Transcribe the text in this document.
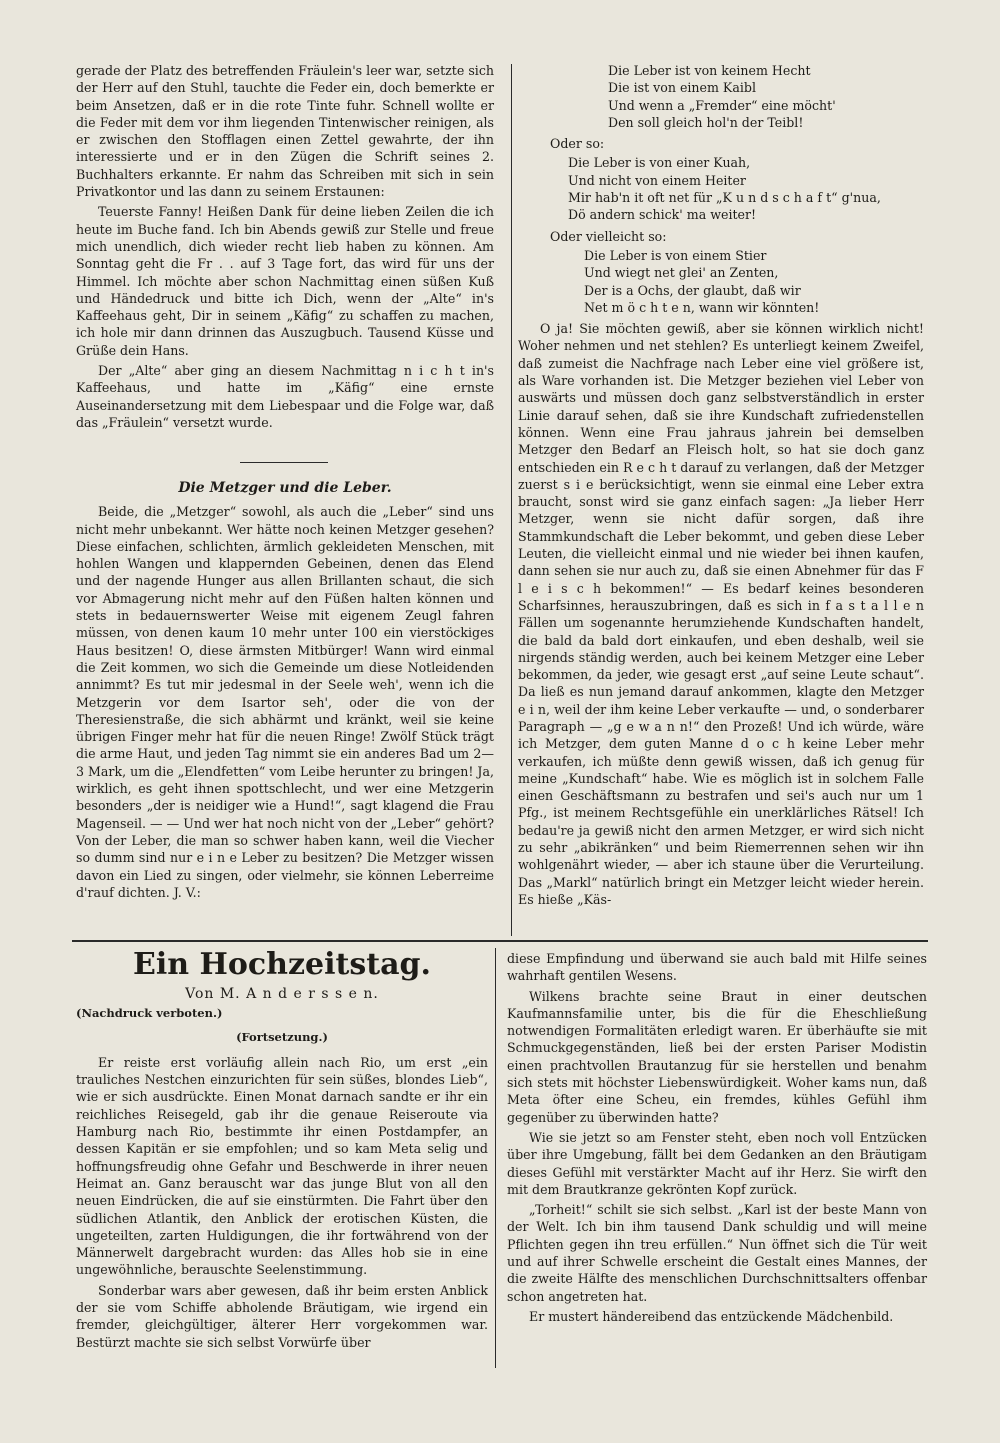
gerade der Platz des betreffenden Fräulein's leer war, setzte sich der Herr auf den Stuhl, tauchte die Feder ein, doch bemerkte er beim Ansetzen, daß er in die rote Tinte fuhr. Schnell wollte er die Feder mit dem vor ihm liegenden Tintenwischer reinigen, als er zwischen den Stofflagen einen Zettel gewahrte, der ihn interessierte und er in den Zügen die Schrift seines 2. Buchhalters erkannte. Er nahm das Schreiben mit sich in sein Privatkontor und las dann zu seinem Erstaunen:

Teuerste Fanny! Heißen Dank für deine lieben Zeilen die ich heute im Buche fand. Ich bin Abends gewiß zur Stelle und freue mich unendlich, dich wieder recht lieb haben zu können. Am Sonntag geht die Fr . . auf 3 Tage fort, das wird für uns der Himmel. Ich möchte aber schon Nachmittag einen süßen Kuß und Händedruck und bitte ich Dich, wenn der „Alte“ in's Kaffeehaus geht, Dir in seinem „Käfig“ zu schaffen zu machen, ich hole mir dann drinnen das Auszugbuch. Tausend Küsse und Grüße dein Hans.

Der „Alte“ aber ging an diesem Nachmittag n i c h t in's Kaffeehaus, und hatte im „Käfig“ eine ernste Auseinandersetzung mit dem Liebespaar und die Folge war, daß das „Fräulein“ versetzt wurde.

Die Metzger und die Leber.

Beide, die „Metzger“ sowohl, als auch die „Leber“ sind uns nicht mehr unbekannt. Wer hätte noch keinen Metzger gesehen? Diese einfachen, schlichten, ärmlich gekleideten Menschen, mit hohlen Wangen und klappernden Gebeinen, denen das Elend und der nagende Hunger aus allen Brillanten schaut, die sich vor Abmagerung nicht mehr auf den Füßen halten können und stets in bedauernswerter Weise mit eigenem Zeugl fahren müssen, von denen kaum 10 mehr unter 100 ein vierstöckiges Haus besitzen! O, diese ärmsten Mitbürger! Wann wird einmal die Zeit kommen, wo sich die Gemeinde um diese Notleidenden annimmt? Es tut mir jedesmal in der Seele weh', wenn ich die Metzgerin vor dem Isartor seh', oder die von der Theresienstraße, die sich abhärmt und kränkt, weil sie keine übrigen Finger mehr hat für die neuen Ringe! Zwölf Stück trägt die arme Haut, und jeden Tag nimmt sie ein anderes Bad um 2—3 Mark, um die „Elendfetten“ vom Leibe herunter zu bringen! Ja, wirklich, es geht ihnen spottschlecht, und wer eine Metzgerin besonders „der is neidiger wie a Hund!“, sagt klagend die Frau Magenseil. — — Und wer hat noch nicht von der „Leber“ gehört? Von der Leber, die man so schwer haben kann, weil die Viecher so dumm sind nur e i n e Leber zu besitzen? Die Metzger wissen davon ein Lied zu singen, oder vielmehr, sie können Leberreime d'rauf dichten. J. V.:

Die Leber ist von keinem Hecht
Die ist von einem Kaibl
Und wenn a „Fremder“ eine möcht'
Den soll gleich hol'n der Teibl!
Oder so:
Die Leber is von einer Kuah,
Und nicht von einem Heiter
Mir hab'n it oft net für „K u n d s c h a f t“ g'nua,
Dö andern schick' ma weiter!
Oder vielleicht so:
Die Leber is von einem Stier
Und wiegt net glei' an Zenten,
Der is a Ochs, der glaubt, daß wir
Net m ö c h t e n, wann wir könnten!

O ja! Sie möchten gewiß, aber sie können wirklich nicht! Woher nehmen und net stehlen? Es unterliegt keinem Zweifel, daß zumeist die Nachfrage nach Leber eine viel größere ist, als Ware vorhanden ist. Die Metzger beziehen viel Leber von auswärts und müssen doch ganz selbstverständlich in erster Linie darauf sehen, daß sie ihre Kundschaft zufriedenstellen können. Wenn eine Frau jahraus jahrein bei demselben Metzger den Bedarf an Fleisch holt, so hat sie doch ganz entschieden ein R e c h t darauf zu verlangen, daß der Metzger zuerst s i e berücksichtigt, wenn sie einmal eine Leber extra braucht, sonst wird sie ganz einfach sagen: „Ja lieber Herr Metzger, wenn sie nicht dafür sorgen, daß ihre Stammkundschaft die Leber bekommt, und geben diese Leber Leuten, die vielleicht einmal und nie wieder bei ihnen kaufen, dann sehen sie nur auch zu, daß sie einen Abnehmer für das F l e i s c h bekommen!“ — Es bedarf keines besonderen Scharfsinnes, herauszubringen, daß es sich in f a s t a l l e n Fällen um sogenannte herumziehende Kundschaften handelt, die bald da bald dort einkaufen, und eben deshalb, weil sie nirgends ständig werden, auch bei keinem Metzger eine Leber bekommen, da jeder, wie gesagt erst „auf seine Leute schaut“. Da ließ es nun jemand darauf ankommen, klagte den Metzger e i n, weil der ihm keine Leber verkaufte — und, o sonderbarer Paragraph — „g e w a n n!“ den Prozeß! Und ich würde, wäre ich Metzger, dem guten Manne d o c h keine Leber mehr verkaufen, ich müßte denn gewiß wissen, daß ich genug für meine „Kundschaft“ habe. Wie es möglich ist in solchem Falle einen Geschäftsmann zu bestrafen und sei's auch nur um 1 Pfg., ist meinem Rechtsgefühle ein unerklärliches Rätsel! Ich bedau're ja gewiß nicht den armen Metzger, er wird sich nicht zu sehr „abikränken“ und beim Riemerrennen sehen wir ihn wohlgenährt wieder, — aber ich staune über die Verurteilung. Das „Markl“ natürlich bringt ein Metzger leicht wieder herein. Es hieße „Käs-

Ein Hochzeitstag.
Von M. A n d e r s s e n.
(Nachdruck verboten.)
(Fortsetzung.)

Er reiste erst vorläufig allein nach Rio, um erst „ein trauliches Nestchen einzurichten für sein süßes, blondes Lieb“, wie er sich ausdrückte. Einen Monat darnach sandte er ihr ein reichliches Reisegeld, gab ihr die genaue Reiseroute via Hamburg nach Rio, bestimmte ihr einen Postdampfer, an dessen Kapitän er sie empfohlen; und so kam Meta selig und hoffnungsfreudig ohne Gefahr und Beschwerde in ihrer neuen Heimat an. Ganz berauscht war das junge Blut von all den neuen Eindrücken, die auf sie einstürmten. Die Fahrt über den südlichen Atlantik, den Anblick der erotischen Küsten, die ungeteilten, zarten Huldigungen, die ihr fortwährend von der Männerwelt dargebracht wurden: das Alles hob sie in eine ungewöhnliche, berauschte Seelenstimmung.

Sonderbar wars aber gewesen, daß ihr beim ersten Anblick der sie vom Schiffe abholende Bräutigam, wie irgend ein fremder, gleichgültiger, älterer Herr vorgekommen war. Bestürzt machte sie sich selbst Vorwürfe über

diese Empfindung und überwand sie auch bald mit Hilfe seines wahrhaft gentilen Wesens.

Wilkens brachte seine Braut in einer deutschen Kaufmannsfamilie unter, bis die für die Eheschließung notwendigen Formalitäten erledigt waren. Er überhäufte sie mit Schmuckgegenständen, ließ bei der ersten Pariser Modistin einen prachtvollen Brautanzug für sie herstellen und benahm sich stets mit höchster Liebenswürdigkeit. Woher kams nun, daß Meta öfter eine Scheu, ein fremdes, kühles Gefühl ihm gegenüber zu überwinden hatte?

Wie sie jetzt so am Fenster steht, eben noch voll Entzücken über ihre Umgebung, fällt bei dem Gedanken an den Bräutigam dieses Gefühl mit verstärkter Macht auf ihr Herz. Sie wirft den mit dem Brautkranze gekrönten Kopf zurück.

„Torheit!“ schilt sie sich selbst. „Karl ist der beste Mann von der Welt. Ich bin ihm tausend Dank schuldig und will meine Pflichten gegen ihn treu erfüllen.“ Nun öffnet sich die Tür weit und auf ihrer Schwelle erscheint die Gestalt eines Mannes, der die zweite Hälfte des menschlichen Durchschnittsalters offenbar schon angetreten hat.

Er mustert händereibend das entzückende Mädchenbild.
